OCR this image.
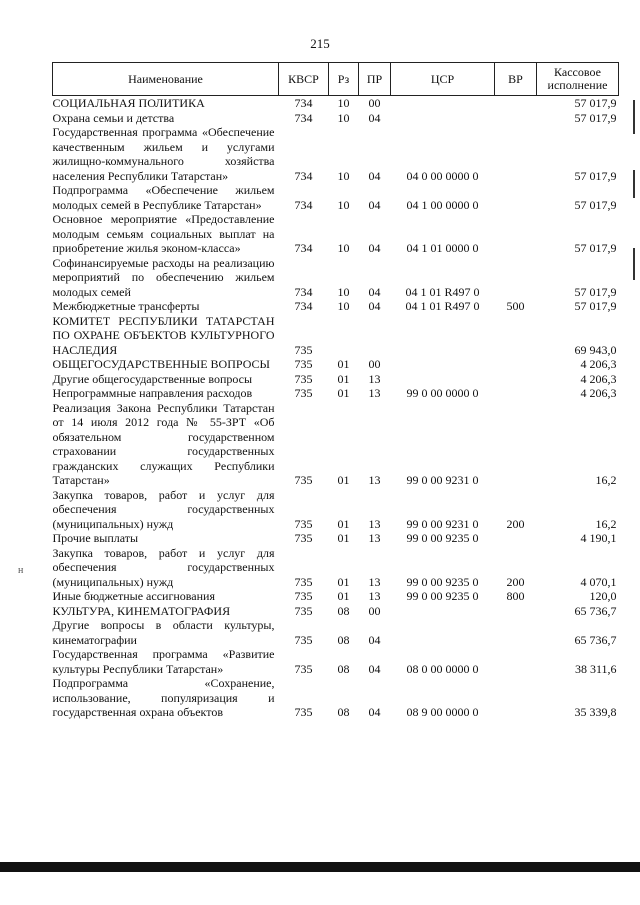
215
Наименование	КВСР	Рз	ПР	ЦСР	ВР	Кассовое исполнение
СОЦИАЛЬНАЯ ПОЛИТИКА	734	10	00			57 017,9
Охрана семьи и детства	734	10	04			57 017,9
Государственная программа «Обеспечение качественным жильем и услугами жилищно-коммунального хозяйства населения Республики Татарстан»	734	10	04	04 0 00 0000 0		57 017,9
Подпрограмма «Обеспечение жильем молодых семей в Республике Татарстан»	734	10	04	04 1 00 0000 0		57 017,9
Основное мероприятие «Предоставление молодым семьям социальных выплат на приобретение жилья эконом-класса»	734	10	04	04 1 01 0000 0		57 017,9
Софинансируемые расходы на реализацию мероприятий по обеспечению жильем молодых семей	734	10	04	04 1 01 R497 0		57 017,9
Межбюджетные трансферты	734	10	04	04 1 01 R497 0	500	57 017,9
КОМИТЕТ РЕСПУБЛИКИ ТАТАРСТАН ПО ОХРАНЕ ОБЪЕКТОВ КУЛЬТУРНОГО НАСЛЕДИЯ	735					69 943,0
ОБЩЕГОСУДАРСТВЕННЫЕ ВОПРОСЫ	735	01	00			4 206,3
Другие общегосударственные вопросы	735	01	13			4 206,3
Непрограммные направления расходов	735	01	13	99 0 00 0000 0		4 206,3
Реализация Закона Республики Татарстан от 14 июля 2012 года № 55-ЗРТ «Об обязательном государственном страховании государственных гражданских служащих Республики Татарстан»	735	01	13	99 0 00 9231 0		16,2
Закупка товаров, работ и услуг для обеспечения государственных (муниципальных) нужд	735	01	13	99 0 00 9231 0	200	16,2
Прочие выплаты	735	01	13	99 0 00 9235 0		4 190,1
Закупка товаров, работ и услуг для обеспечения государственных (муниципальных) нужд	735	01	13	99 0 00 9235 0	200	4 070,1
Иные бюджетные ассигнования	735	01	13	99 0 00 9235 0	800	120,0
КУЛЬТУРА, КИНЕМАТОГРАФИЯ	735	08	00			65 736,7
Другие вопросы в области культуры, кинематографии	735	08	04			65 736,7
Государственная программа «Развитие культуры Республики Татарстан»	735	08	04	08 0 00 0000 0		38 311,6
Подпрограмма «Сохранение, использование, популяризация и государственная охрана объектов	735	08	04	08 9 00 0000 0		35 339,8
н
